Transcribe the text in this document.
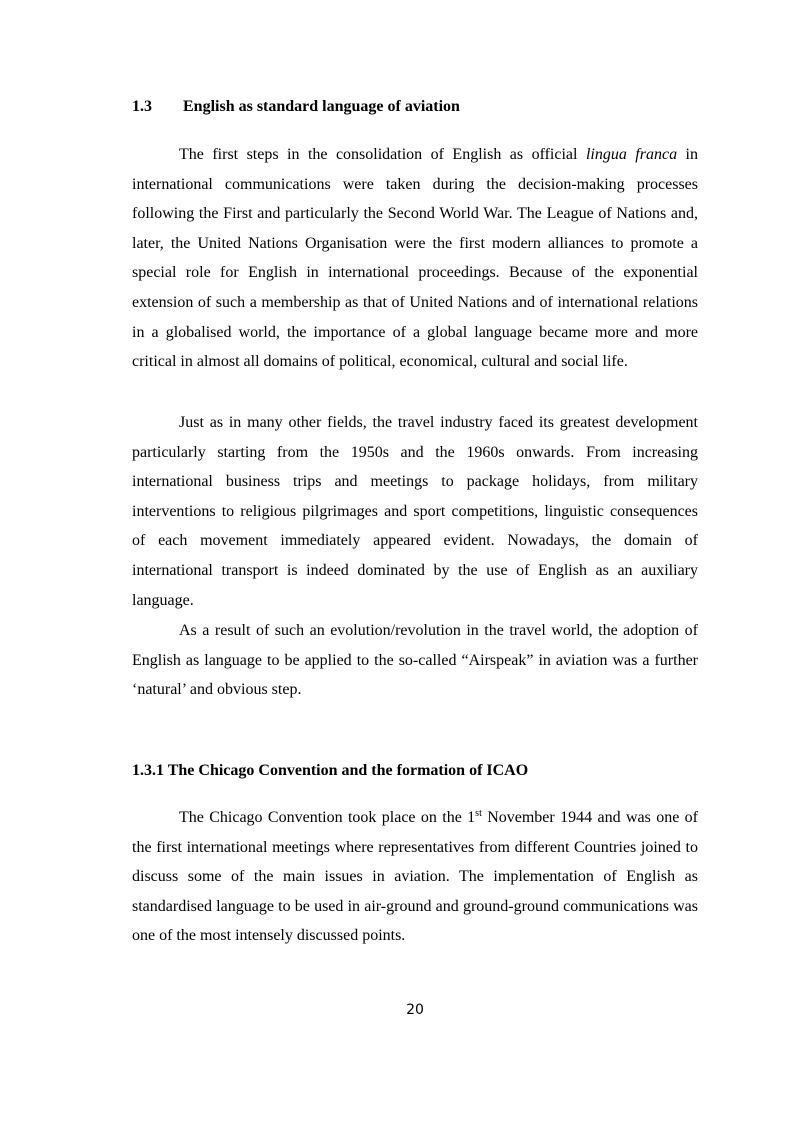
1.3 English as standard language of aviation

The first steps in the consolidation of English as official lingua franca in international communications were taken during the decision-making processes following the First and particularly the Second World War. The League of Nations and, later, the United Nations Organisation were the first modern alliances to promote a special role for English in international proceedings. Because of the exponential extension of such a membership as that of United Nations and of international relations in a globalised world, the importance of a global language became more and more critical in almost all domains of political, economical, cultural and social life.

Just as in many other fields, the travel industry faced its greatest development particularly starting from the 1950s and the 1960s onwards. From increasing international business trips and meetings to package holidays, from military interventions to religious pilgrimages and sport competitions, linguistic consequences of each movement immediately appeared evident. Nowadays, the domain of international transport is indeed dominated by the use of English as an auxiliary language.

As a result of such an evolution/revolution in the travel world, the adoption of English as language to be applied to the so-called “Airspeak” in aviation was a further ‘natural’ and obvious step.

1.3.1 The Chicago Convention and the formation of ICAO

The Chicago Convention took place on the 1st November 1944 and was one of the first international meetings where representatives from different Countries joined to discuss some of the main issues in aviation. The implementation of English as standardised language to be used in air-ground and ground-ground communications was one of the most intensely discussed points.

20
